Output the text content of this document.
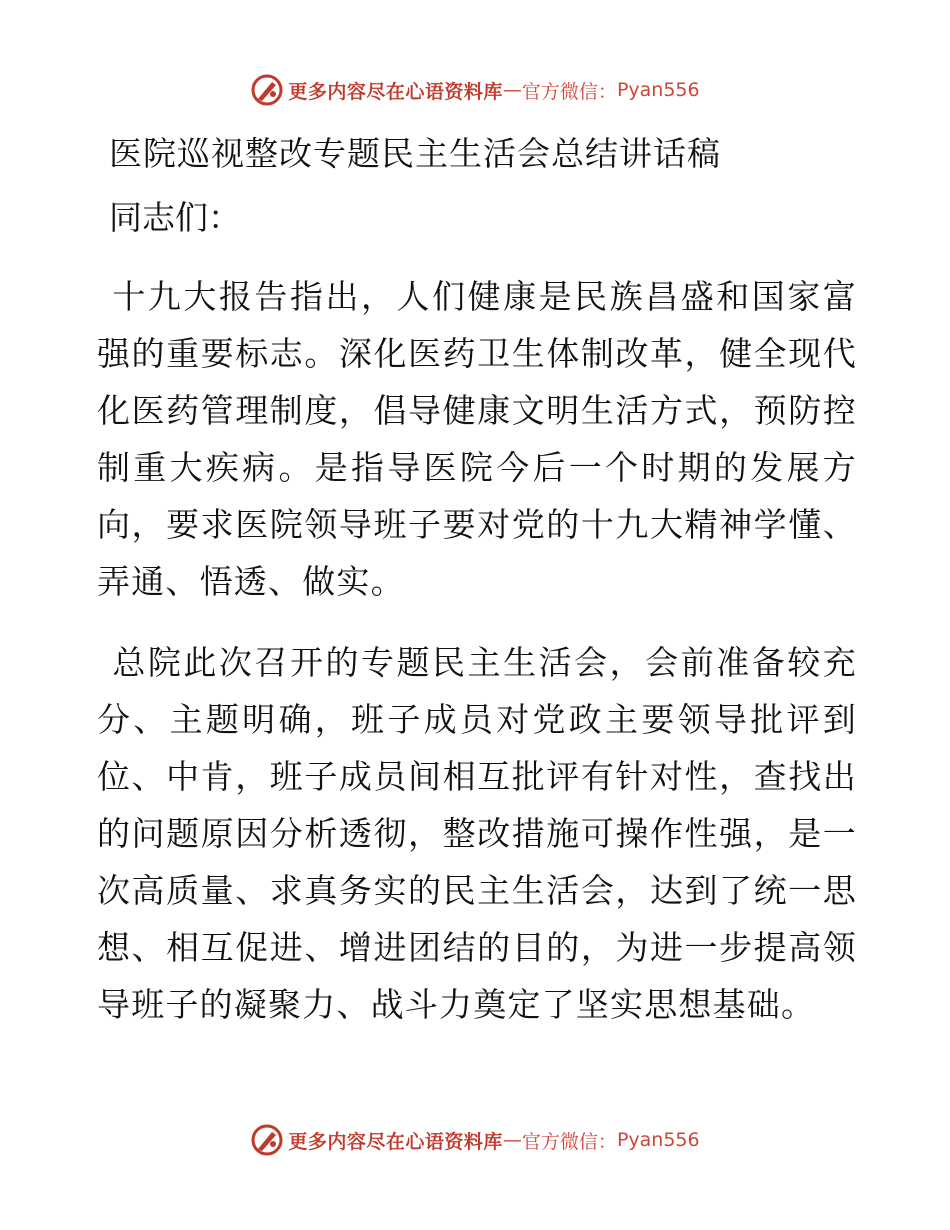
更多内容尽在心语资料库 — 官方微信： Pyan556
医院巡视整改专题民主生活会总结讲话稿
同志们：

十九大报告指出，人们健康是民族昌盛和国家富强的重要标志。深化医药卫生体制改革，健全现代化医药管理制度，倡导健康文明生活方式，预防控制重大疾病。是指导医院今后一个时期的发展方向，要求医院领导班子要对党的十九大精神学懂、弄通、悟透、做实。

总院此次召开的专题民主生活会，会前准备较充分、主题明确，班子成员对党政主要领导批评到位、中肯，班子成员间相互批评有针对性，查找出的问题原因分析透彻，整改措施可操作性强，是一次高质量、求真务实的民主生活会，达到了统一思想、相互促进、增进团结的目的，为进一步提高领导班子的凝聚力、战斗力奠定了坚实思想基础。

更多内容尽在心语资料库 — 官方微信： Pyan556
